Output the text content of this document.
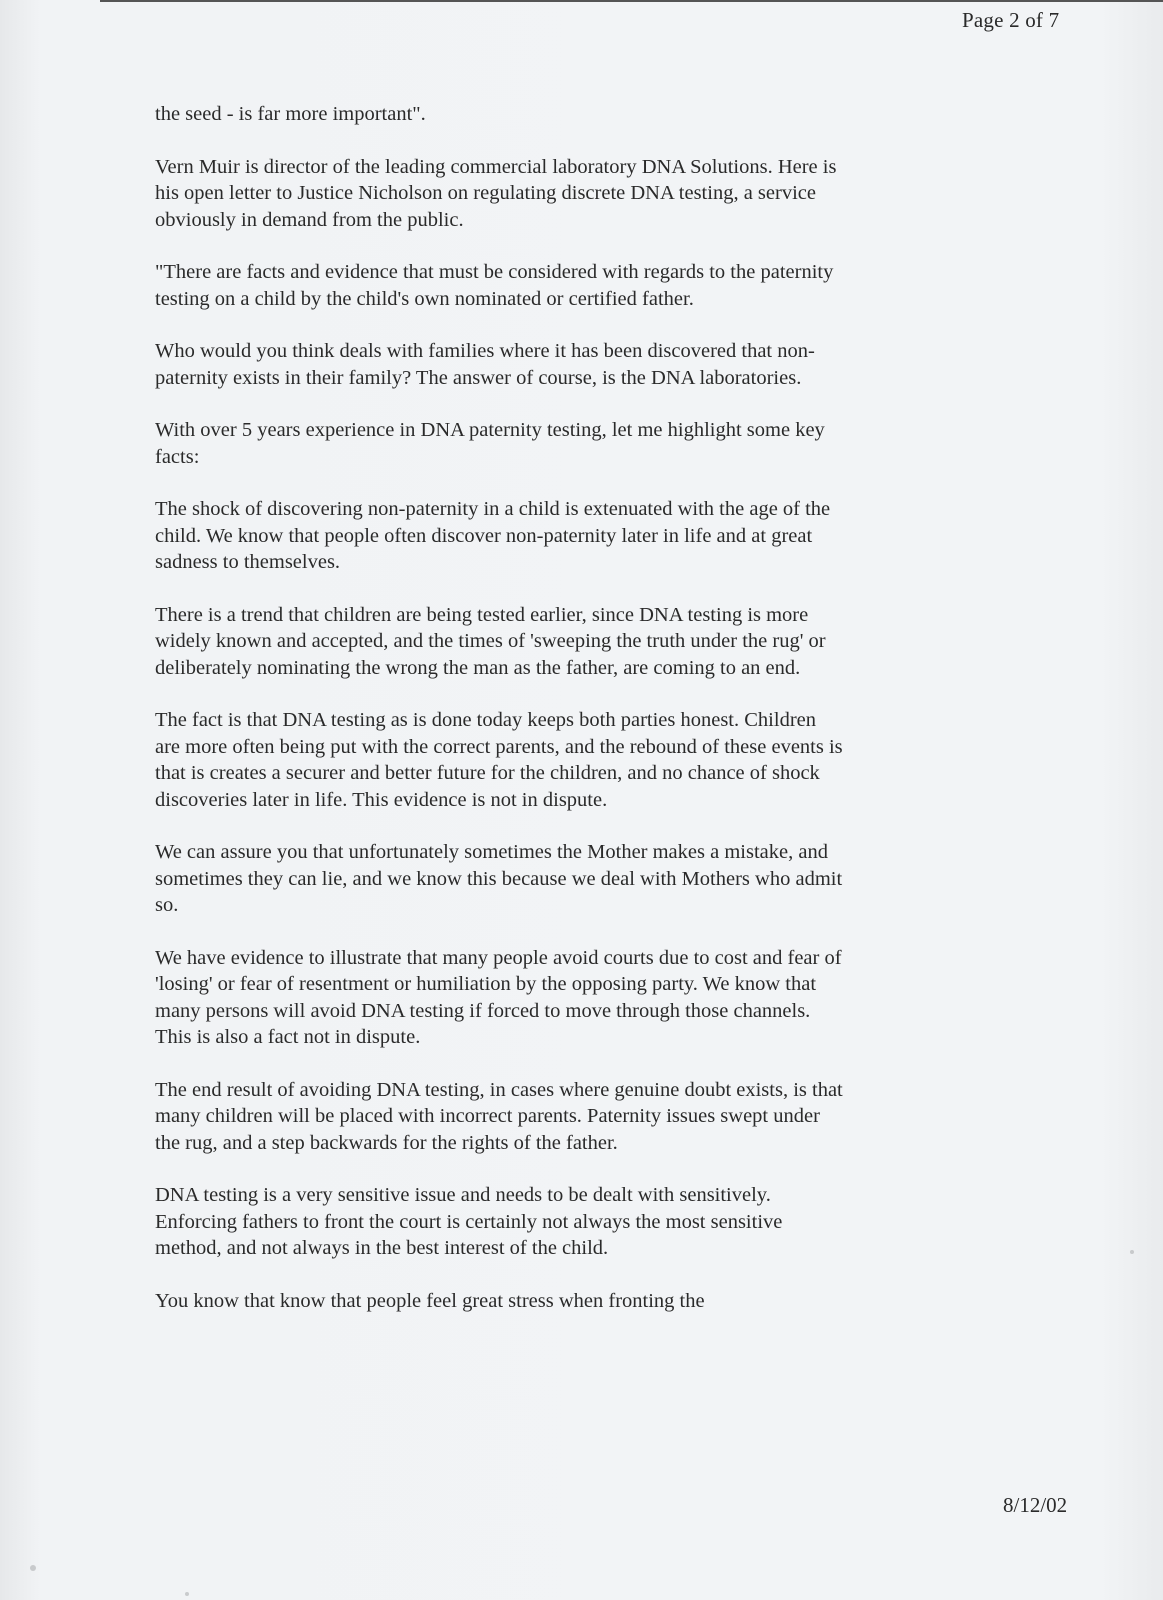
Page 2 of 7

the seed - is far more important".

Vern Muir is director of the leading commercial laboratory DNA Solutions. Here is his open letter to Justice Nicholson on regulating discrete DNA testing, a service obviously in demand from the public.

"There are facts and evidence that must be considered with regards to the paternity testing on a child by the child's own nominated or certified father.

Who would you think deals with families where it has been discovered that non-paternity exists in their family? The answer of course, is the DNA laboratories.

With over 5 years experience in DNA paternity testing, let me highlight some key facts:

The shock of discovering non-paternity in a child is extenuated with the age of the child. We know that people often discover non-paternity later in life and at great sadness to themselves.

There is a trend that children are being tested earlier, since DNA testing is more widely known and accepted, and the times of 'sweeping the truth under the rug' or deliberately nominating the wrong the man as the father, are coming to an end.

The fact is that DNA testing as is done today keeps both parties honest. Children are more often being put with the correct parents, and the rebound of these events is that is creates a securer and better future for the children, and no chance of shock discoveries later in life. This evidence is not in dispute.

We can assure you that unfortunately sometimes the Mother makes a mistake, and sometimes they can lie, and we know this because we deal with Mothers who admit so.

We have evidence to illustrate that many people avoid courts due to cost and fear of 'losing' or fear of resentment or humiliation by the opposing party. We know that many persons will avoid DNA testing if forced to move through those channels. This is also a fact not in dispute.

The end result of avoiding DNA testing, in cases where genuine doubt exists, is that many children will be placed with incorrect parents. Paternity issues swept under the rug, and a step backwards for the rights of the father.

DNA testing is a very sensitive issue and needs to be dealt with sensitively. Enforcing fathers to front the court is certainly not always the most sensitive method, and not always in the best interest of the child.

You know that know that people feel great stress when fronting the

8/12/02
